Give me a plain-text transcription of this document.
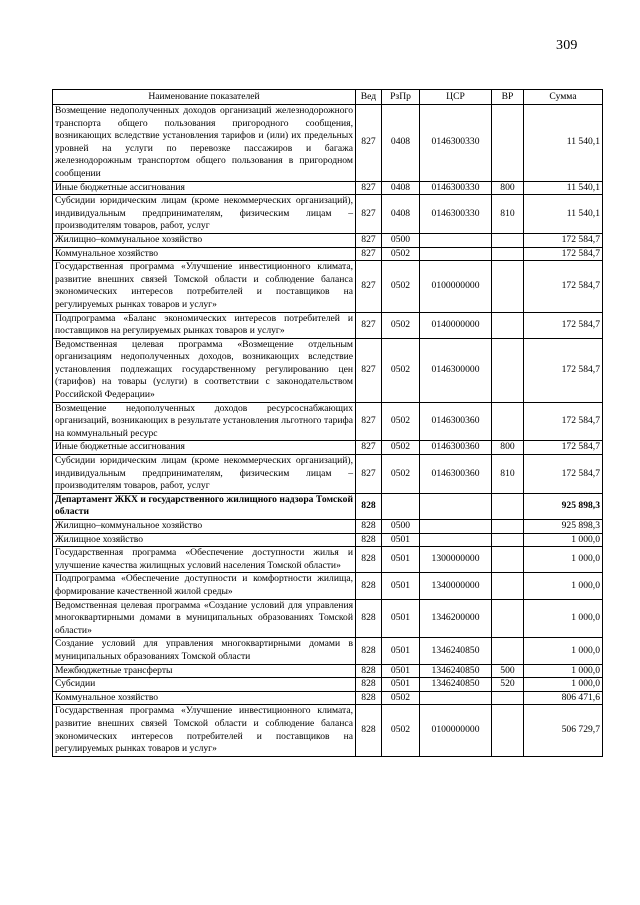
309
Наименование показателей	Вед	РзПр	ЦСР	ВР	Сумма
Возмещение недополученных доходов организаций железнодорожного транспорта общего пользования пригородного сообщения, возникающих вследствие установления тарифов и (или) их предельных уровней на услуги по перевозке пассажиров и багажа железнодорожным транспортом общего пользования в пригородном сообщении	827	0408	0146300330		11 540,1
Иные бюджетные ассигнования	827	0408	0146300330	800	11 540,1
Субсидии юридическим лицам (кроме некоммерческих организаций), индивидуальным предпринимателям, физическим лицам – производителям товаров, работ, услуг	827	0408	0146300330	810	11 540,1
Жилищно–коммунальное хозяйство	827	0500			172 584,7
Коммунальное хозяйство	827	0502			172 584,7
Государственная программа «Улучшение инвестиционного климата, развитие внешних связей Томской области и соблюдение баланса экономических интересов потребителей и поставщиков на регулируемых рынках товаров и услуг»	827	0502	0100000000		172 584,7
Подпрограмма «Баланс экономических интересов потребителей и поставщиков на регулируемых рынках товаров и услуг»	827	0502	0140000000		172 584,7
Ведомственная целевая программа «Возмещение отдельным организациям недополученных доходов, возникающих вследствие установления подлежащих государственному регулированию цен (тарифов) на товары (услуги) в соответствии с законодательством Российской Федерации»	827	0502	0146300000		172 584,7
Возмещение недополученных доходов ресурсоснабжающих организаций, возникающих в результате установления льготного тарифа на коммунальный ресурс	827	0502	0146300360		172 584,7
Иные бюджетные ассигнования	827	0502	0146300360	800	172 584,7
Субсидии юридическим лицам (кроме некоммерческих организаций), индивидуальным предпринимателям, физическим лицам – производителям товаров, работ, услуг	827	0502	0146300360	810	172 584,7
Департамент ЖКХ и государственного жилищного надзора Томской области	828				925 898,3
Жилищно–коммунальное хозяйство	828	0500			925 898,3
Жилищное хозяйство	828	0501			1 000,0
Государственная программа «Обеспечение доступности жилья и улучшение качества жилищных условий населения Томской области»	828	0501	1300000000		1 000,0
Подпрограмма «Обеспечение доступности и комфортности жилища, формирование качественной жилой среды»	828	0501	1340000000		1 000,0
Ведомственная целевая программа «Создание условий для управления многоквартирными домами в муниципальных образованиях Томской области»	828	0501	1346200000		1 000,0
Создание условий для управления многоквартирными домами в муниципальных образованиях Томской области	828	0501	1346240850		1 000,0
Межбюджетные трансферты	828	0501	1346240850	500	1 000,0
Субсидии	828	0501	1346240850	520	1 000,0
Коммунальное хозяйство	828	0502			806 471,6
Государственная программа «Улучшение инвестиционного климата, развитие внешних связей Томской области и соблюдение баланса экономических интересов потребителей и поставщиков на регулируемых рынках товаров и услуг»	828	0502	0100000000		506 729,7
